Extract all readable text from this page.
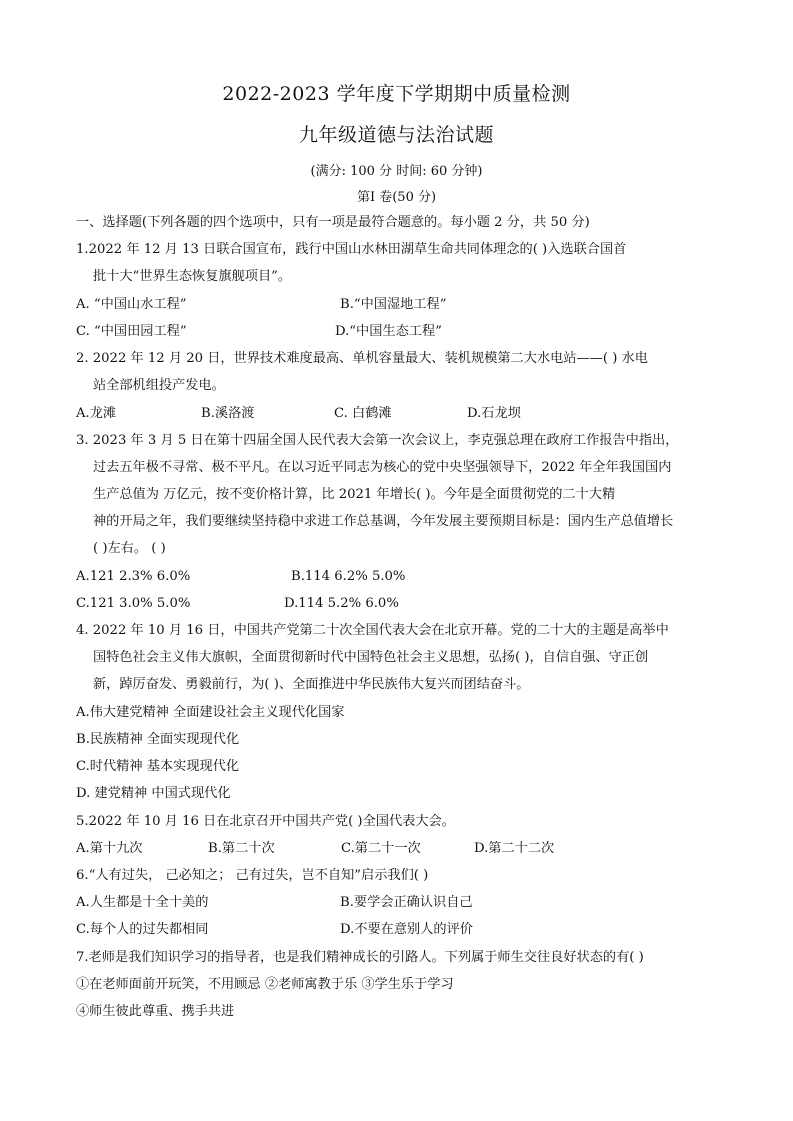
2022-2023 学年度下学期期中质量检测
九年级道德与法治试题
(满分: 100 分 时间: 60 分钟)
第Ⅰ 卷(50 分)
一、选择题(下列各题的四个选项中，只有一项是最符合题意的。每小题 2 分，共 50 分)
1.2022 年 12 月 13 日联合国宣布，践行中国山水林田湖草生命共同体理念的( )入选联合国首
批十大“世界生态恢复旗舰项目”。
A. “中国山水工程”	B.“中国湿地工程”
C. “中国田园工程”	D.“中国生态工程”
2. 2022 年 12 月 20 日，世界技术难度最高、单机容量最大、装机规模第二大水电站——( ) 水电
站全部机组投产发电。
A.龙滩	B.溪洛渡	C. 白鹤滩	D.石龙坝
3. 2023 年 3 月 5 日在第十四届全国人民代表大会第一次会议上，李克强总理在政府工作报告中指出，
过去五年极不寻常、极不平凡。在以习近平同志为核心的党中央坚强领导下，2022 年全年我国国内
生产总值为 万亿元，按不变价格计算，比 2021 年增长( )。今年是全面贯彻党的二十大精
神的开局之年，我们要继续坚持稳中求进工作总基调，今年发展主要预期目标是：国内生产总值增长
( )左右。 ( )
A.121 2.3% 6.0%	B.114 6.2% 5.0%
C.121 3.0% 5.0%	D.114 5.2% 6.0%
4. 2022 年 10 月 16 日，中国共产党第二十次全国代表大会在北京开幕。党的二十大的主题是高举中
国特色社会主义伟大旗帜，全面贯彻新时代中国特色社会主义思想，弘扬( )，自信自强、守正创
新，踔厉奋发、勇毅前行，为( )、全面推进中华民族伟大复兴而团结奋斗。
A.伟大建党精神 全面建设社会主义现代化国家
B.民族精神 全面实现现代化
C.时代精神 基本实现现代化
D. 建党精神 中国式现代化
5.2022 年 10 月 16 日在北京召开中国共产党( )全国代表大会。
A.第十九次	B.第二十次	C.第二十一次	D.第二十二次
6.“人有过失， 己必知之； 己有过失，岂不自知”启示我们( )
A.人生都是十全十美的	B.要学会正确认识自己
C.每个人的过失都相同	D.不要在意别人的评价
7.老师是我们知识学习的指导者，也是我们精神成长的引路人。下列属于师生交往良好状态的有( )
①在老师面前开玩笑，不用顾忌 ②老师寓教于乐 ③学生乐于学习
④师生彼此尊重、携手共进
